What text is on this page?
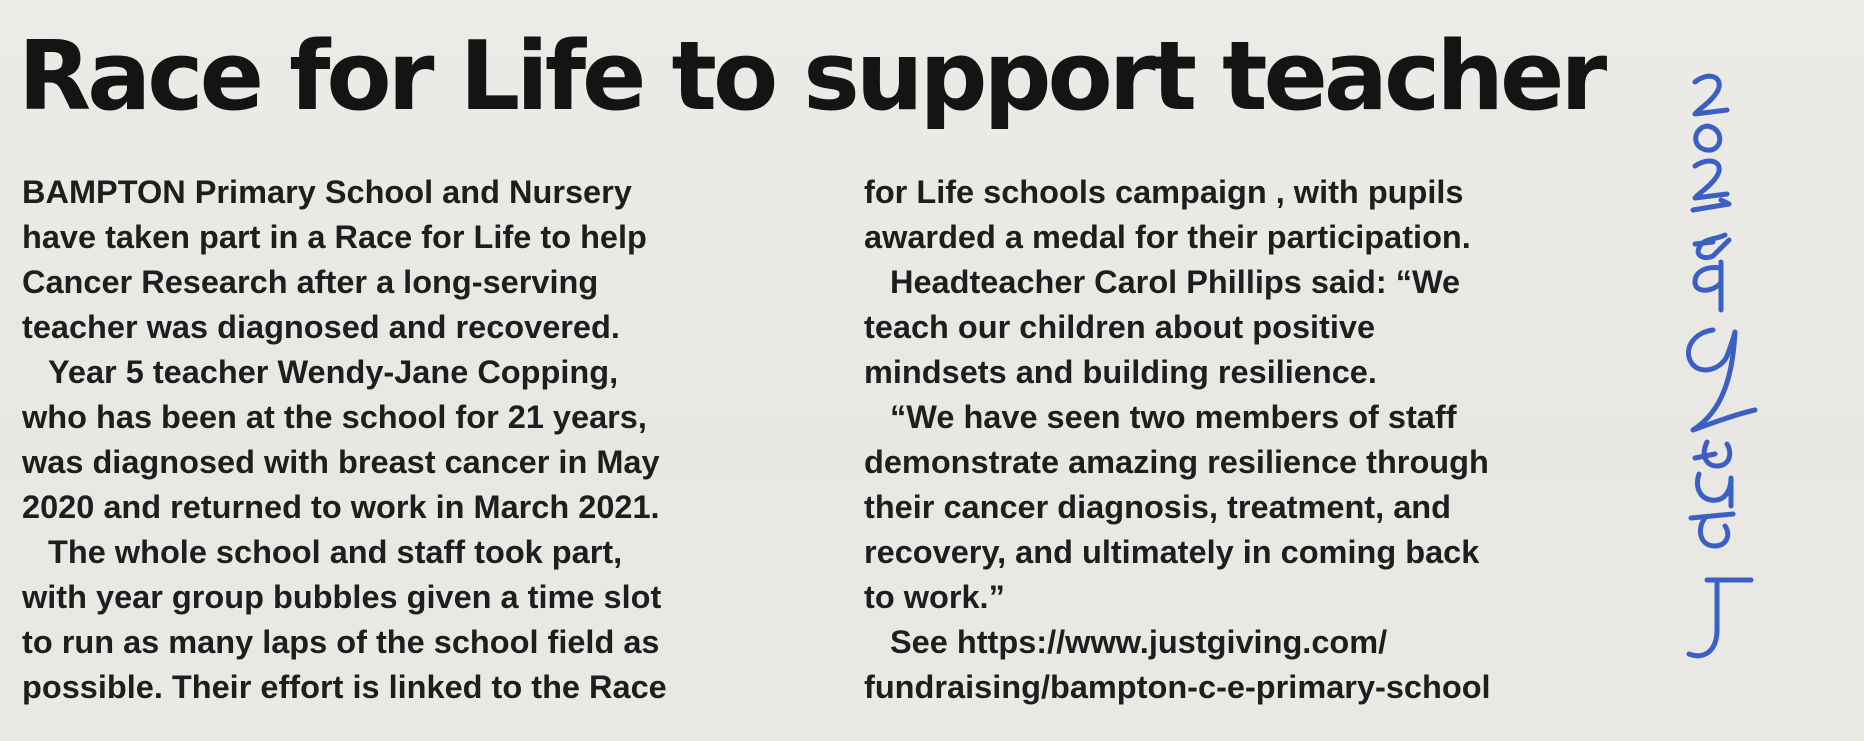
Race for Life to support teacher
BAMPTON Primary School and Nursery
have taken part in a Race for Life to help
Cancer Research after a long-serving
teacher was diagnosed and recovered.
Year 5 teacher Wendy-Jane Copping,
who has been at the school for 21 years,
was diagnosed with breast cancer in May
2020 and returned to work in March 2021.
The whole school and staff took part,
with year group bubbles given a time slot
to run as many laps of the school field as
possible. Their effort is linked to the Race
for Life schools campaign , with pupils
awarded a medal for their participation.
Headteacher Carol Phillips said: “We
teach our children about positive
mindsets and building resilience.
“We have seen two members of staff
demonstrate amazing resilience through
their cancer diagnosis, treatment, and
recovery, and ultimately in coming back
to work.”
See https://www.justgiving.com/
fundraising/bampton-c-e-primary-school
